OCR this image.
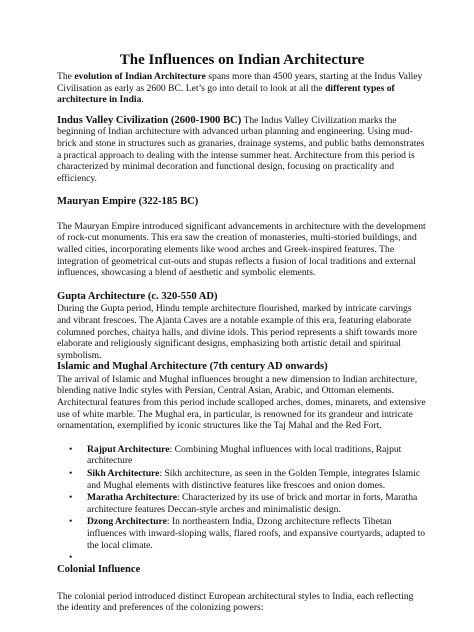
The Influences on Indian Architecture

The evolution of Indian Architecture spans more than 4500 years, starting at the Indus Valley Civilisation as early as 2600 BC. Let’s go into detail to look at all the different types of architecture in India.

Indus Valley Civilization (2600-1900 BC) The Indus Valley Civilization marks the beginning of Indian architecture with advanced urban planning and engineering. Using mud-brick and stone in structures such as granaries, drainage systems, and public baths demonstrates a practical approach to dealing with the intense summer heat. Architecture from this period is characterized by minimal decoration and functional design, focusing on practicality and efficiency.

Mauryan Empire (322-185 BC)

The Mauryan Empire introduced significant advancements in architecture with the development of rock-cut monuments. This era saw the creation of monasteries, multi-storied buildings, and walled cities, incorporating elements like wood arches and Greek-inspired features. The integration of geometrical cut-outs and stupas reflects a fusion of local traditions and external influences, showcasing a blend of aesthetic and symbolic elements.

Gupta Architecture (c. 320-550 AD)

During the Gupta period, Hindu temple architecture flourished, marked by intricate carvings and vibrant frescoes. The Ajanta Caves are a notable example of this era, featuring elaborate columned porches, chaitya halls, and divine idols. This period represents a shift towards more elaborate and religiously significant designs, emphasizing both artistic detail and spiritual symbolism.

Islamic and Mughal Architecture (7th century AD onwards)

The arrival of Islamic and Mughal influences brought a new dimension to Indian architecture, blending native Indic styles with Persian, Central Asian, Arabic, and Ottoman elements. Architectural features from this period include scalloped arches, domes, minarets, and extensive use of white marble. The Mughal era, in particular, is renowned for its grandeur and intricate ornamentation, exemplified by iconic structures like the Taj Mahal and the Red Fort.

• Rajput Architecture: Combining Mughal influences with local traditions, Rajput architecture
• Sikh Architecture: Sikh architecture, as seen in the Golden Temple, integrates Islamic and Mughal elements with distinctive features like frescoes and onion domes.
• Maratha Architecture: Characterized by its use of brick and mortar in forts, Maratha architecture features Deccan-style arches and minimalistic design.
• Dzong Architecture: In northeastern India, Dzong architecture reflects Tibetan influences with inward-sloping walls, flared roofs, and expansive courtyards, adapted to the local climate.
•
Colonial Influence

The colonial period introduced distinct European architectural styles to India, each reflecting the identity and preferences of the colonizing powers:
